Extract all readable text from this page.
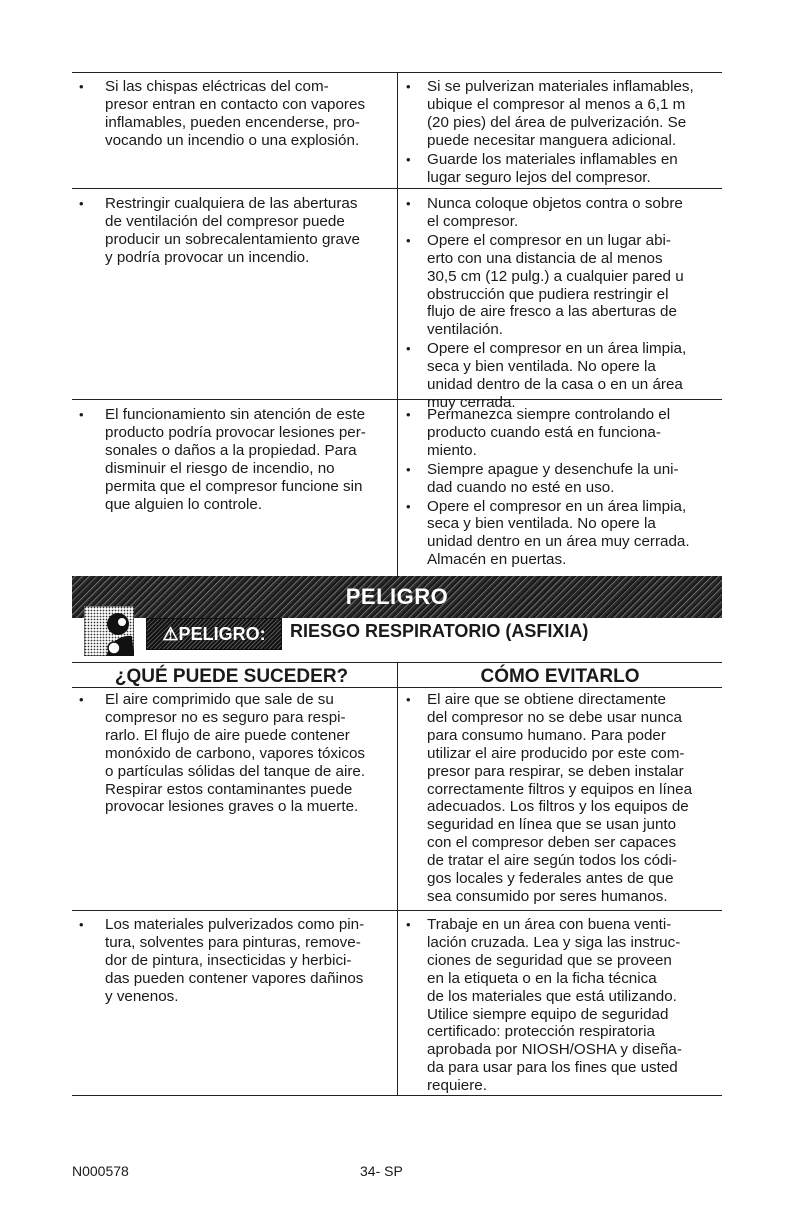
• Si las chispas eléctricas del com-
presor entran en contacto con vapores
inflamables, pueden encenderse, pro-
vocando un incendio o una explosión.

• Si se pulverizan materiales inflamables,
ubique el compresor al menos a 6,1 m
(20 pies) del área de pulverización. Se
puede necesitar manguera adicional.

• Guarde los materiales inflamables en
lugar seguro lejos del compresor.

• Restringir cualquiera de las aberturas
de ventilación del compresor puede
producir un sobrecalentamiento grave
y podría provocar un incendio.

• Nunca coloque objetos contra o sobre
el compresor.

• Opere el compresor en un lugar abi-
erto con una distancia de al menos
30,5 cm (12 pulg.) a cualquier pared u
obstrucción que pudiera restringir el
flujo de aire fresco a las aberturas de
ventilación.

• Opere el compresor en un área limpia,
seca y bien ventilada. No opere la
unidad dentro de la casa o en un área
muy cerrada.

• El funcionamiento sin atención de este
producto podría provocar lesiones per-
sonales o daños a la propiedad. Para
disminuir el riesgo de incendio, no
permita que el compresor funcione sin
que alguien lo controle.

• Permanezca siempre controlando el
producto cuando está en funciona-
miento.

• Siempre apague y desenchufe la uni-
dad cuando no esté en uso.

• Opere el compresor en un área limpia,
seca y bien ventilada. No opere la
unidad dentro en un área muy cerrada.
Almacén en puertas.

PELIGRO
⚠PELIGRO: RIESGO RESPIRATORIO (ASFIXIA)
¿QUÉ PUEDE SUCEDER?	CÓMO EVITARLO
• El aire comprimido que sale de su
compresor no es seguro para respi-
rarlo. El flujo de aire puede contener
monóxido de carbono, vapores tóxicos
o partículas sólidas del tanque de aire.
Respirar estos contaminantes puede
provocar lesiones graves o la muerte.

• El aire que se obtiene directamente
del compresor no se debe usar nunca
para consumo humano. Para poder
utilizar el aire producido por este com-
presor para respirar, se deben instalar
correctamente filtros y equipos en línea
adecuados. Los filtros y los equipos de
seguridad en línea que se usan junto
con el compresor deben ser capaces
de tratar el aire según todos los códi-
gos locales y federales antes de que
sea consumido por seres humanos.

• Los materiales pulverizados como pin-
tura, solventes para pinturas, remove-
dor de pintura, insecticidas y herbici-
das pueden contener vapores dañinos
y venenos.

• Trabaje en un área con buena venti-
lación cruzada. Lea y siga las instruc-
ciones de seguridad que se proveen
en la etiqueta o en la ficha técnica
de los materiales que está utilizando.
Utilice siempre equipo de seguridad
certificado: protección respiratoria
aprobada por NIOSH/OSHA y diseña-
da para usar para los fines que usted
requiere.

N000578	34- SP
